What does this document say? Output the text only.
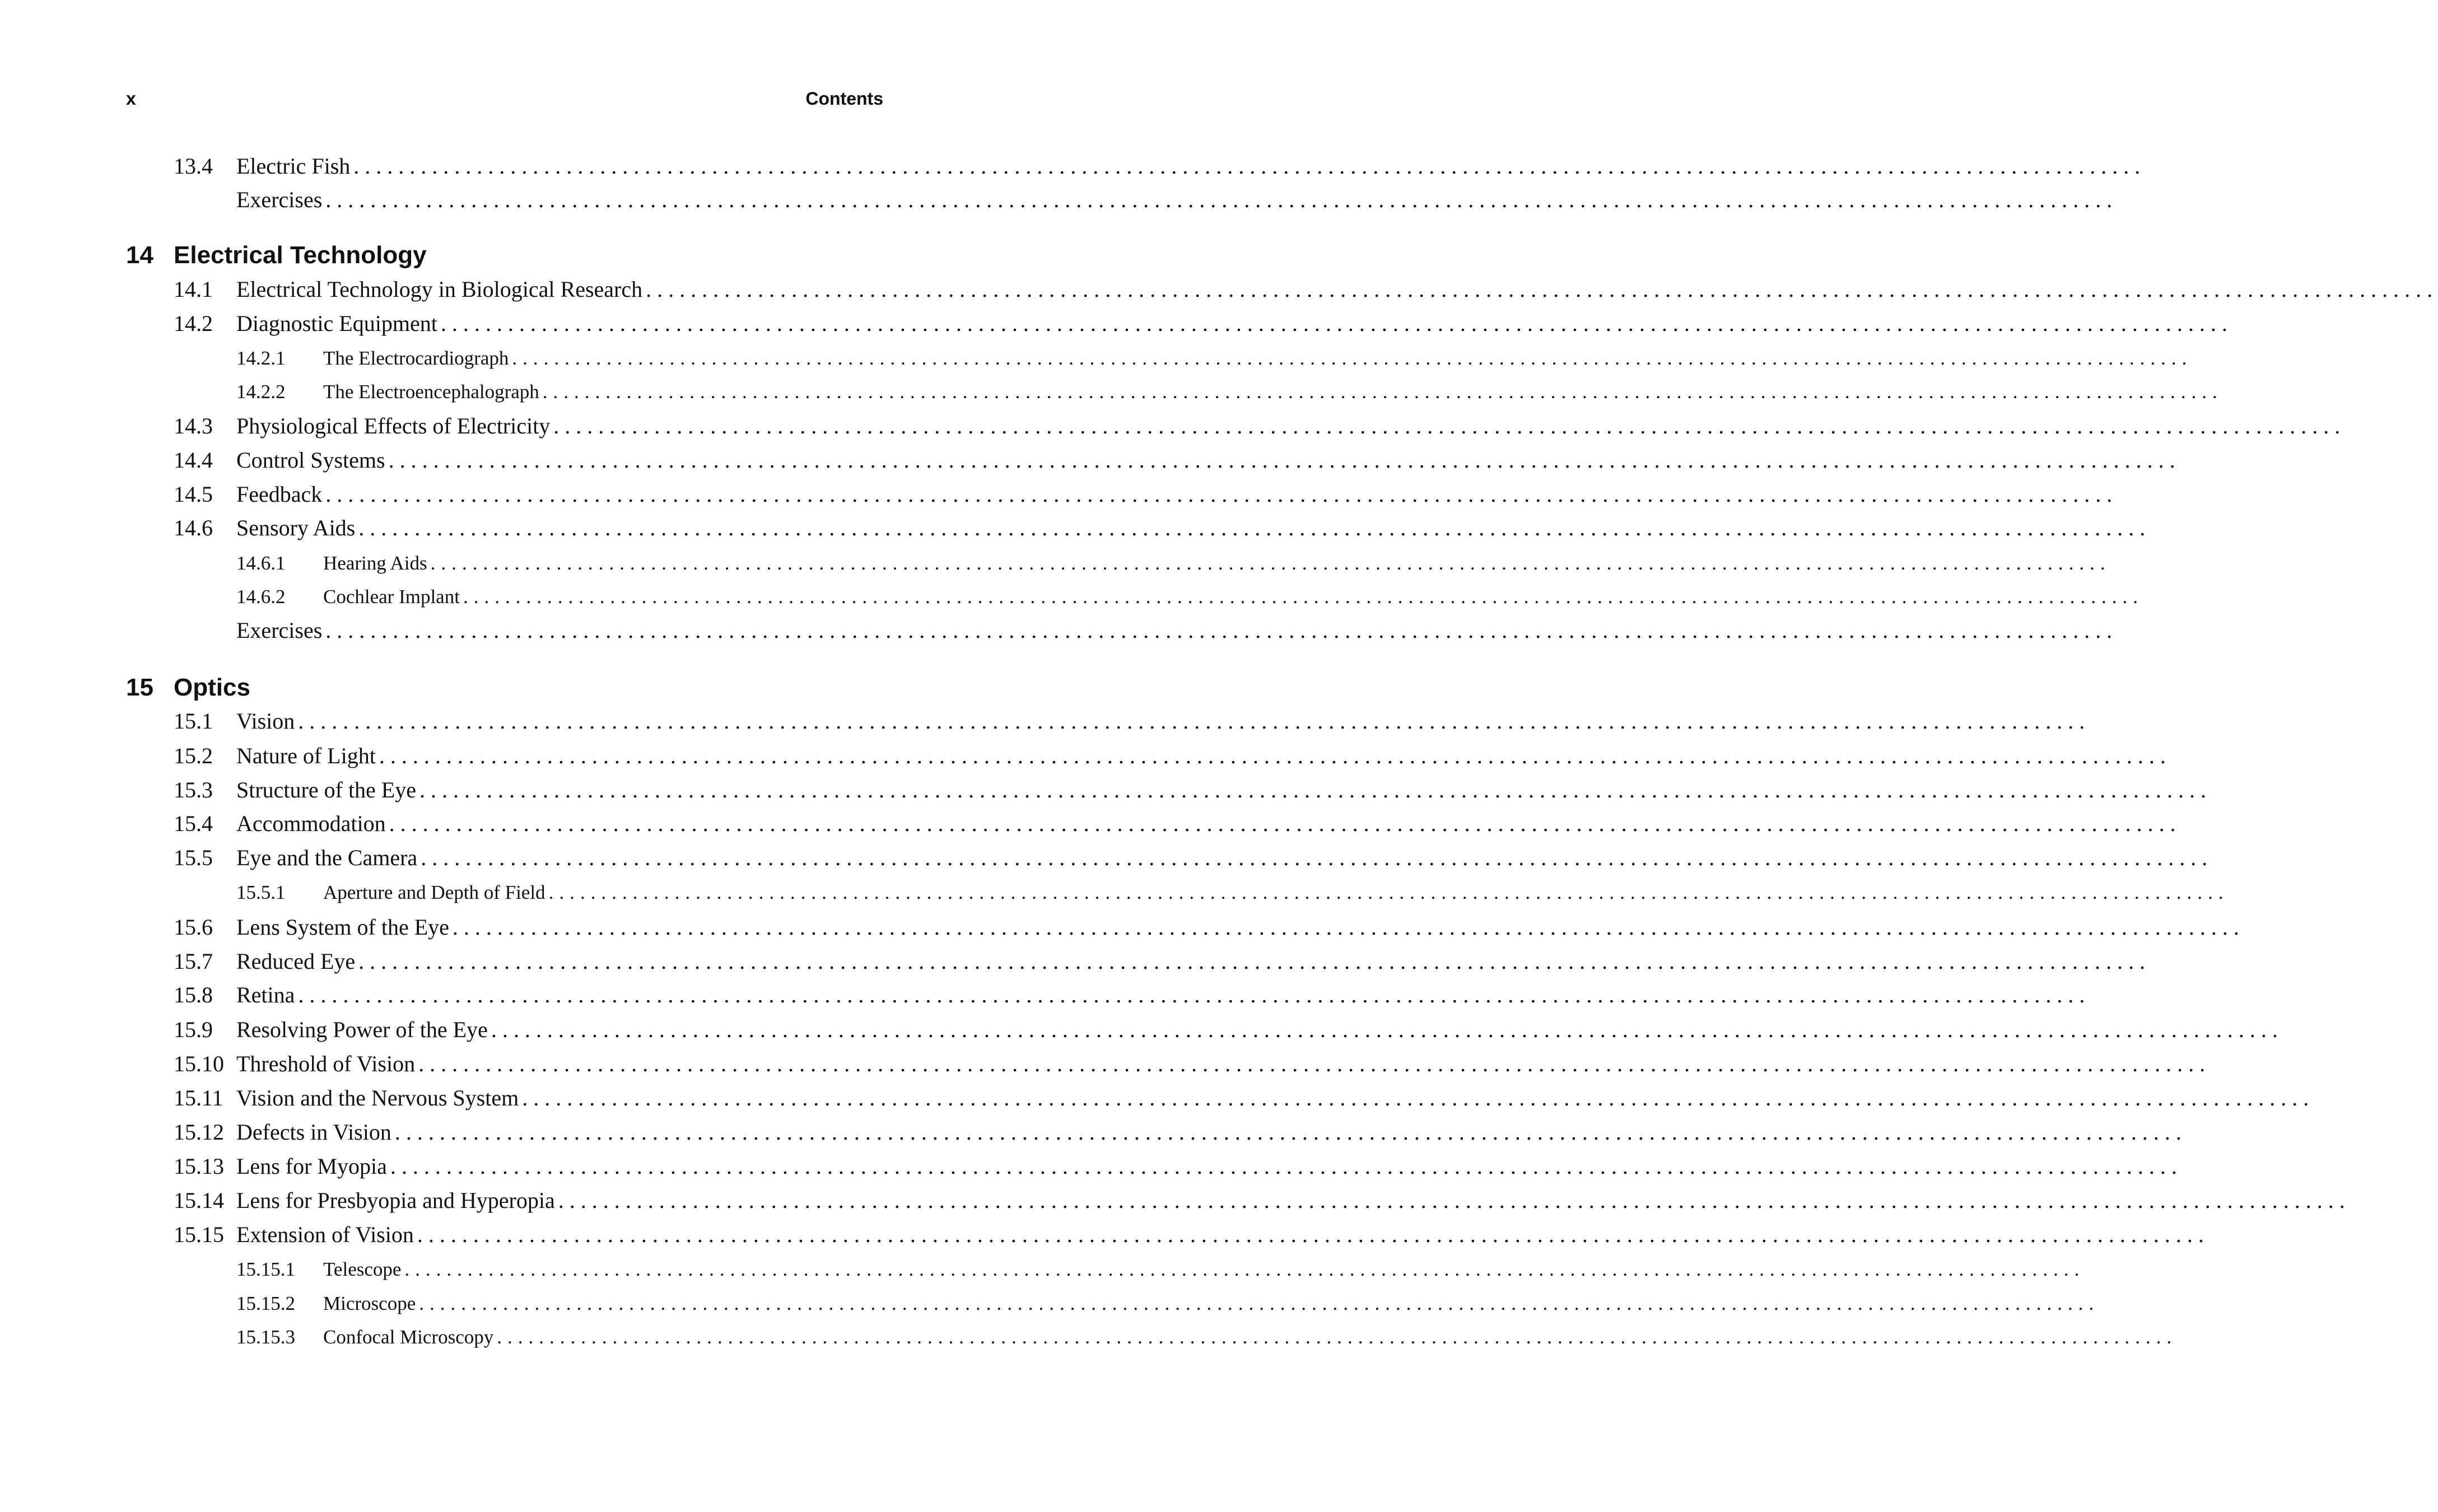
x	Contents
13.4 Electric Fish ................................................................................................................................................................
Exercises ................................................................................................................................................................
14 Electrical Technology
14.1 Electrical Technology in Biological Research ................................................................................................................................................................
14.2 Diagnostic Equipment ................................................................................................................................................................
14.2.1 The Electrocardiograph ................................................................................................................................................................
14.2.2 The Electroencephalograph ................................................................................................................................................................
14.3 Physiological Effects of Electricity ................................................................................................................................................................
14.4 Control Systems ................................................................................................................................................................
14.5 Feedback ................................................................................................................................................................
14.6 Sensory Aids ................................................................................................................................................................
14.6.1 Hearing Aids ................................................................................................................................................................
14.6.2 Cochlear Implant ................................................................................................................................................................
Exercises ................................................................................................................................................................
15 Optics
15.1 Vision ................................................................................................................................................................
15.2 Nature of Light ................................................................................................................................................................
15.3 Structure of the Eye ................................................................................................................................................................
15.4 Accommodation ................................................................................................................................................................
15.5 Eye and the Camera ................................................................................................................................................................
15.5.1 Aperture and Depth of Field ................................................................................................................................................................
15.6 Lens System of the Eye ................................................................................................................................................................
15.7 Reduced Eye ................................................................................................................................................................
15.8 Retina ................................................................................................................................................................
15.9 Resolving Power of the Eye ................................................................................................................................................................
15.10 Threshold of Vision ................................................................................................................................................................
15.11 Vision and the Nervous System ................................................................................................................................................................
15.12 Defects in Vision ................................................................................................................................................................
15.13 Lens for Myopia ................................................................................................................................................................
15.14 Lens for Presbyopia and Hyperopia ................................................................................................................................................................
15.15 Extension of Vision ................................................................................................................................................................
15.15.1 Telescope ................................................................................................................................................................
15.15.2 Microscope ................................................................................................................................................................
15.15.3 Confocal Microscopy ................................................................................................................................................................
